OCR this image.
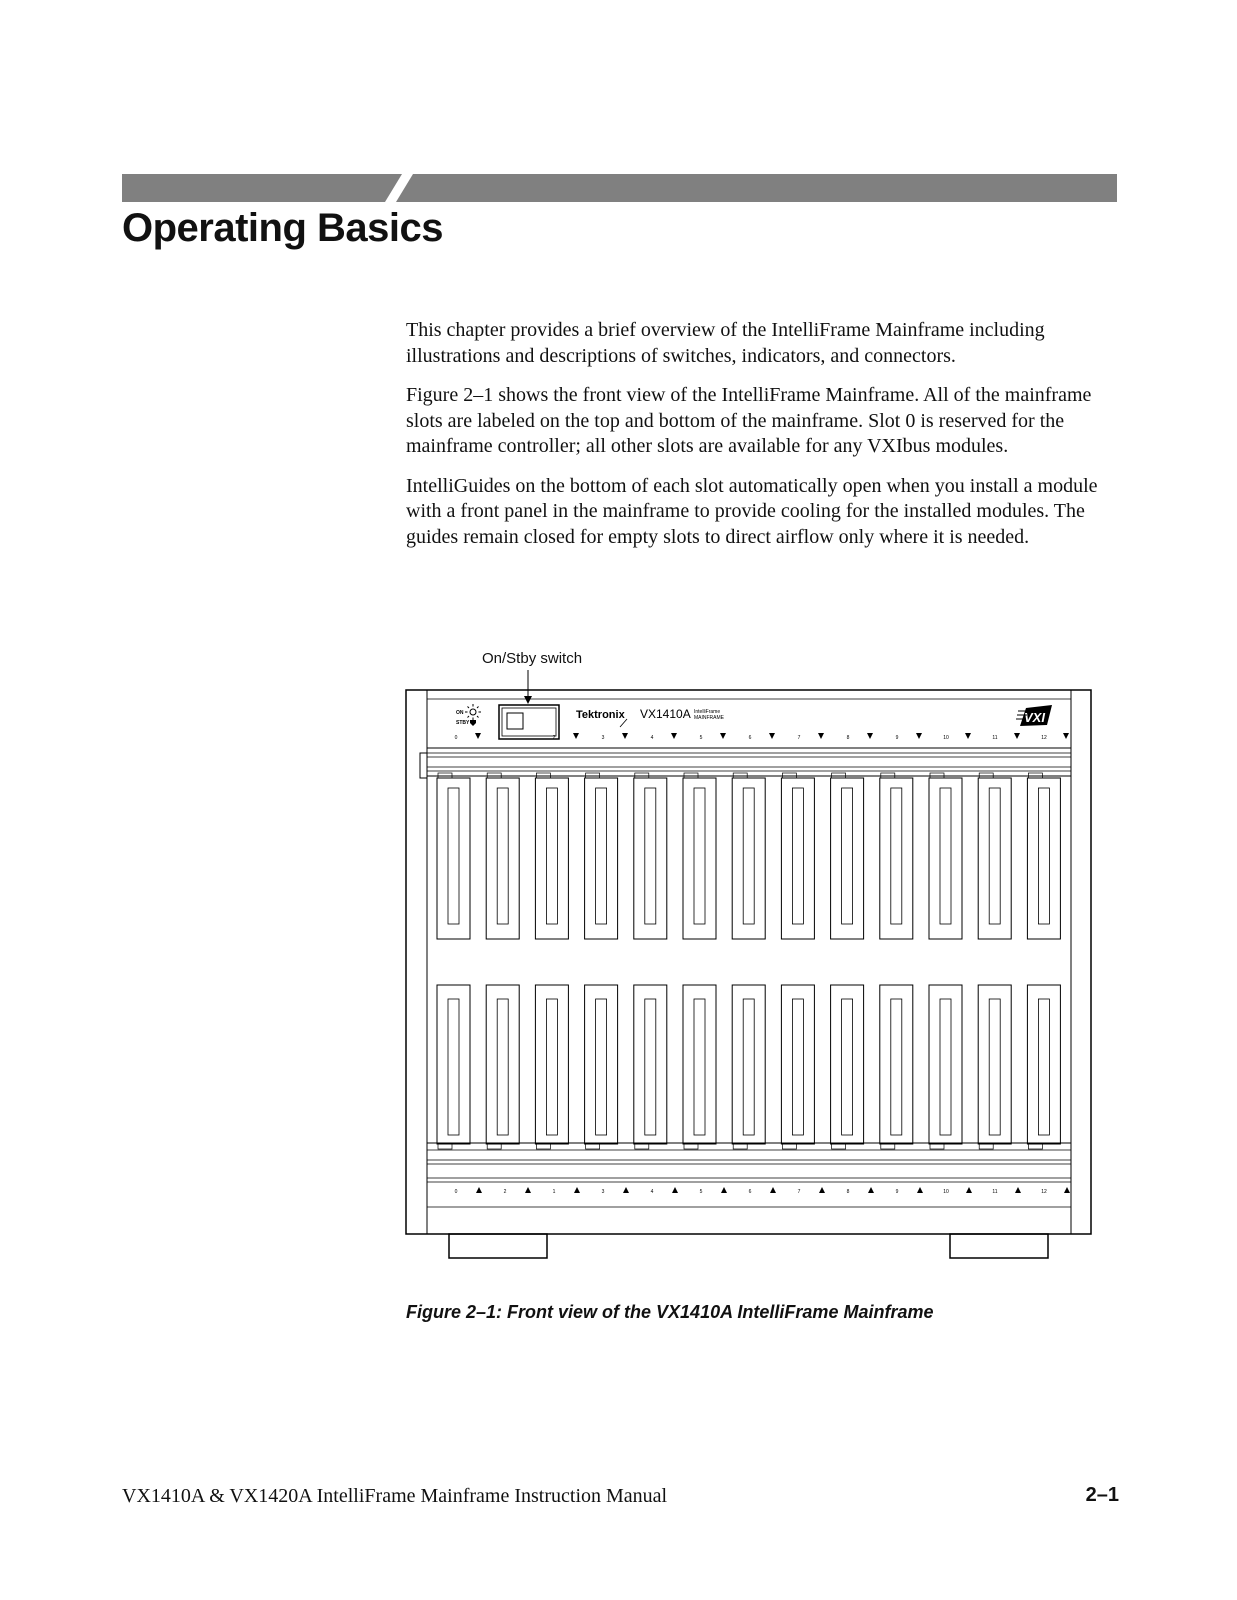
Operating Basics

This chapter provides a brief overview of the IntelliFrame Mainframe including illustrations and descriptions of switches, indicators, and connectors.

Figure 2–1 shows the front view of the IntelliFrame Mainframe. All of the mainframe slots are labeled on the top and bottom of the mainframe. Slot 0 is reserved for the mainframe controller; all other slots are available for any VXIbus modules.

IntelliGuides on the bottom of each slot automatically open when you install a module with a front panel in the mainframe to provide cooling for the installed modules. The guides remain closed for empty slots to direct airflow only where it is needed.

On/Stby switch
ON
STBY
Tektronix VX1410A IntelliFrame
MAINFRAME	VXI
0	2	3	4	5	6	7	8	9	10	11	12
0	2	1	3	4	5	6	7	8	9	10	11	12
Figure 2–1: Front view of the VX1410A IntelliFrame Mainframe
VX1410A & VX1420A IntelliFrame Mainframe Instruction Manual	2–1
